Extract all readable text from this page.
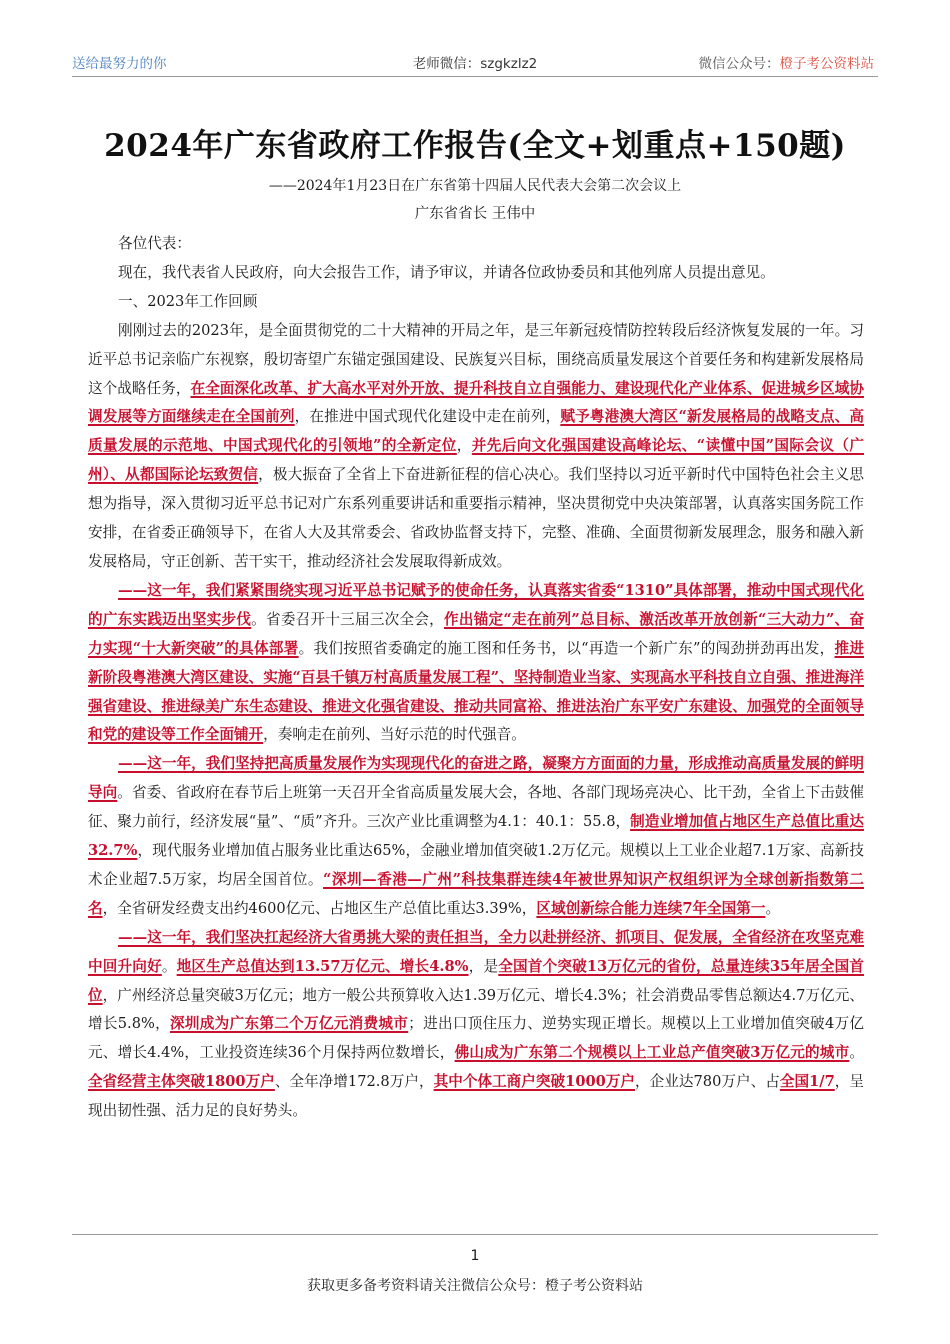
送给最努力的你	老师微信：szgkzlz2	微信公众号：橙子考公资料站
2024年广东省政府工作报告(全文+划重点+150题)
——2024年1月23日在广东省第十四届人民代表大会第二次会议上
广东省省长 王伟中

各位代表：

现在，我代表省人民政府，向大会报告工作，请予审议，并请各位政协委员和其他列席人员提出意见。

一、2023年工作回顾

刚刚过去的2023年，是全面贯彻党的二十大精神的开局之年，是三年新冠疫情防控转段后经济恢复发展的一年。习近平总书记亲临广东视察，殷切寄望广东锚定强国建设、民族复兴目标，围绕高质量发展这个首要任务和构建新发展格局这个战略任务，在全面深化改革、扩大高水平对外开放、提升科技自立自强能力、建设现代化产业体系、促进城乡区域协调发展等方面继续走在全国前列，在推进中国式现代化建设中走在前列，赋予粤港澳大湾区“新发展格局的战略支点、高质量发展的示范地、中国式现代化的引领地”的全新定位，并先后向文化强国建设高峰论坛、“读懂中国”国际会议（广州）、从都国际论坛致贺信，极大振奋了全省上下奋进新征程的信心决心。我们坚持以习近平新时代中国特色社会主义思想为指导，深入贯彻习近平总书记对广东系列重要讲话和重要指示精神，坚决贯彻党中央决策部署，认真落实国务院工作安排，在省委正确领导下，在省人大及其常委会、省政协监督支持下，完整、准确、全面贯彻新发展理念，服务和融入新发展格局，守正创新、苦干实干，推动经济社会发展取得新成效。

——这一年，我们紧紧围绕实现习近平总书记赋予的使命任务，认真落实省委“1310”具体部署，推动中国式现代化的广东实践迈出坚实步伐。省委召开十三届三次全会，作出锚定“走在前列”总目标、激活改革开放创新“三大动力”、奋力实现“十大新突破”的具体部署。我们按照省委确定的施工图和任务书，以“再造一个新广东”的闯劲拼劲再出发，推进新阶段粤港澳大湾区建设、实施“百县千镇万村高质量发展工程”、坚持制造业当家、实现高水平科技自立自强、推进海洋强省建设、推进绿美广东生态建设、推进文化强省建设、推动共同富裕、推进法治广东平安广东建设、加强党的全面领导和党的建设等工作全面铺开，奏响走在前列、当好示范的时代强音。

——这一年，我们坚持把高质量发展作为实现现代化的奋进之路，凝聚方方面面的力量，形成推动高质量发展的鲜明导向。省委、省政府在春节后上班第一天召开全省高质量发展大会，各地、各部门现场亮决心、比干劲，全省上下击鼓催征、聚力前行，经济发展“量”、“质”齐升。三次产业比重调整为4.1：40.1：55.8，制造业增加值占地区生产总值比重达32.7%，现代服务业增加值占服务业比重达65%，金融业增加值突破1.2万亿元。规模以上工业企业超7.1万家、高新技术企业超7.5万家，均居全国首位。“深圳—香港—广州”科技集群连续4年被世界知识产权组织评为全球创新指数第二名，全省研发经费支出约4600亿元、占地区生产总值比重达3.39%，区域创新综合能力连续7年全国第一。

——这一年，我们坚决扛起经济大省勇挑大梁的责任担当，全力以赴拼经济、抓项目、促发展，全省经济在攻坚克难中回升向好。地区生产总值达到13.57万亿元、增长4.8%，是全国首个突破13万亿元的省份，总量连续35年居全国首位，广州经济总量突破3万亿元；地方一般公共预算收入达1.39万亿元、增长4.3%；社会消费品零售总额达4.7万亿元、增长5.8%，深圳成为广东第二个万亿元消费城市；进出口顶住压力、逆势实现正增长。规模以上工业增加值突破4万亿元、增长4.4%，工业投资连续36个月保持两位数增长，佛山成为广东第二个规模以上工业总产值突破3万亿元的城市。全省经营主体突破1800万户、全年净增172.8万户，其中个体工商户突破1000万户，企业达780万户、占全国1/7，呈现出韧性强、活力足的良好势头。

1
获取更多备考资料请关注微信公众号：橙子考公资料站
